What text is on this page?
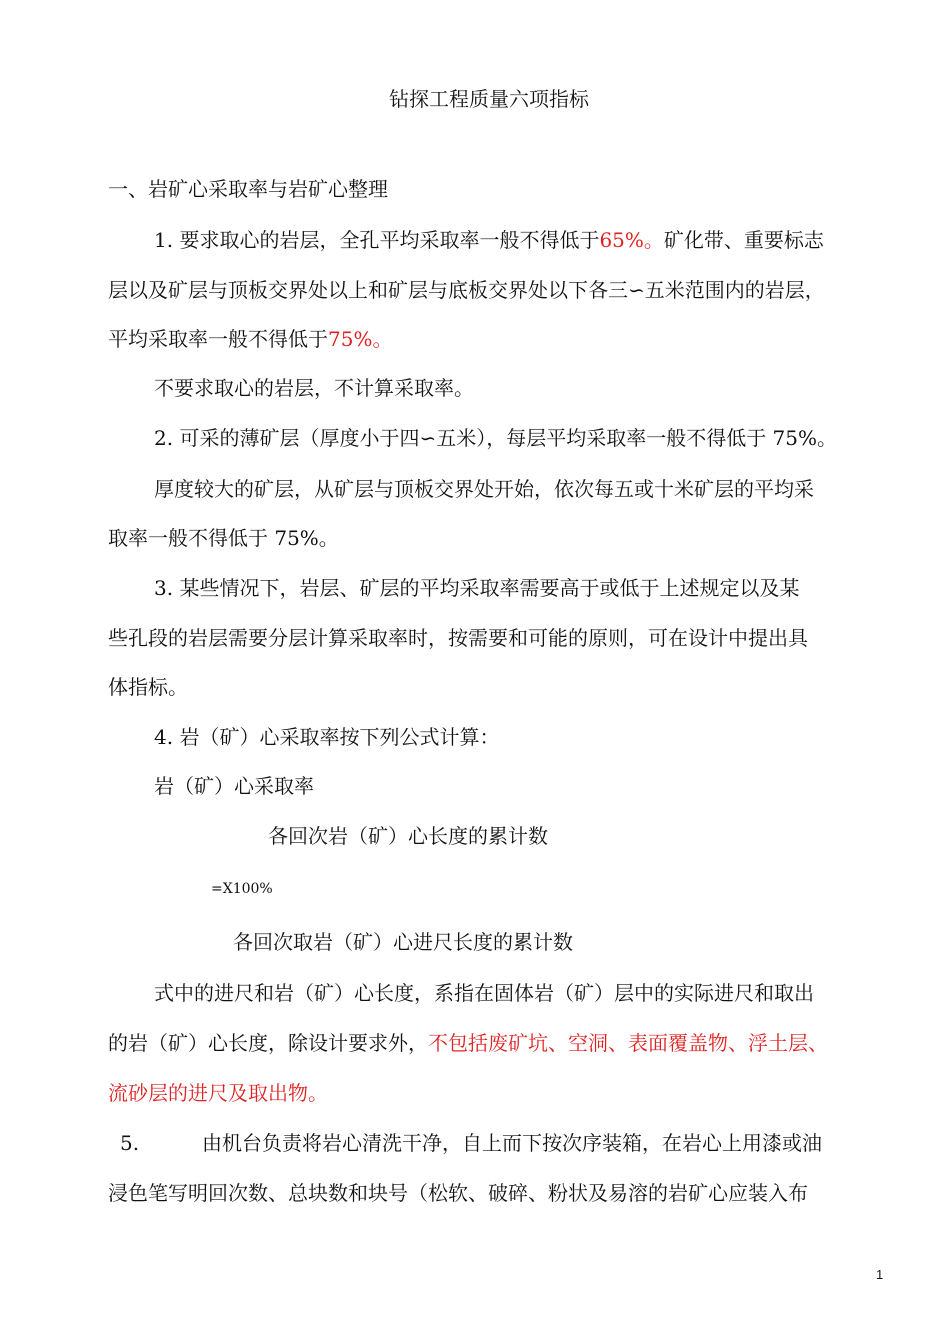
钻探工程质量六项指标
一、岩矿心采取率与岩矿心整理
1. 要求取心的岩层，全孔平均采取率一般不得低于65%。矿化带、重要标志
层以及矿层与顶板交界处以上和矿层与底板交界处以下各三∽五米范围内的岩层，
平均采取率一般不得低于75%。
不要求取心的岩层，不计算采取率。
2. 可采的薄矿层（厚度小于四∽五米），每层平均采取率一般不得低于 75%。
厚度较大的矿层，从矿层与顶板交界处开始，依次每五或十米矿层的平均采
取率一般不得低于 75%。
3. 某些情况下，岩层、矿层的平均采取率需要高于或低于上述规定以及某
些孔段的岩层需要分层计算采取率时，按需要和可能的原则，可在设计中提出具
体指标。
4. 岩（矿）心采取率按下列公式计算：
岩（矿）心采取率
各回次岩（矿）心长度的累计数
=X100%
各回次取岩（矿）心进尺长度的累计数
式中的进尺和岩（矿）心长度，系指在固体岩（矿）层中的实际进尺和取出
的岩（矿）心长度，除设计要求外，不包括废矿坑、空洞、表面覆盖物、浮土层、
流砂层的进尺及取出物。
5.	由机台负责将岩心清洗干净，自上而下按次序装箱，在岩心上用漆或油
浸色笔写明回次数、总块数和块号（松软、破碎、粉状及易溶的岩矿心应装入布
1
